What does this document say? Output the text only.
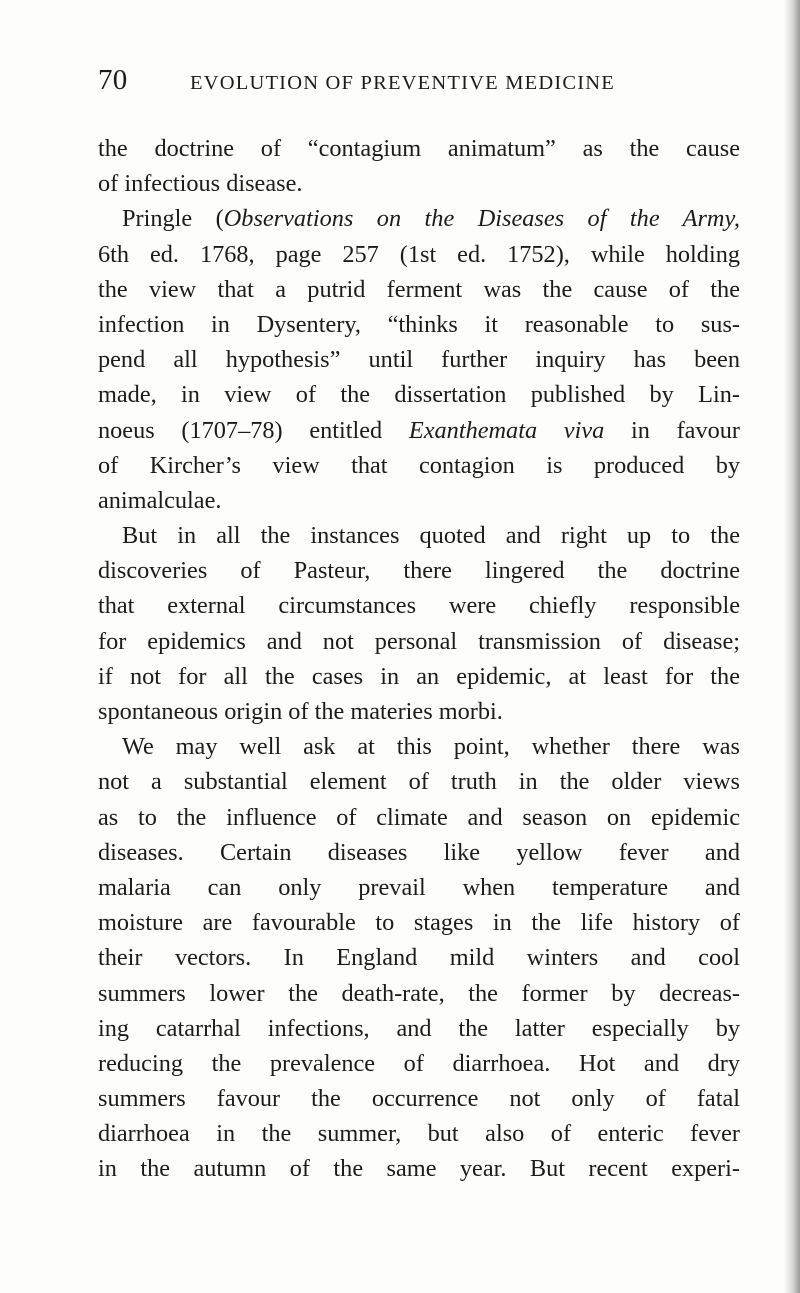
70	EVOLUTION OF PREVENTIVE MEDICINE
the doctrine of “contagium animatum” as the cause
of infectious disease.
Pringle (Observations on the Diseases of the Army,
6th ed. 1768, page 257 (1st ed. 1752), while holding
the view that a putrid ferment was the cause of the
infection in Dysentery, “thinks it reasonable to sus-
pend all hypothesis” until further inquiry has been
made, in view of the dissertation published by Lin-
noeus (1707–78) entitled Exanthemata viva in favour
of Kircher’s view that contagion is produced by
animalculae.
But in all the instances quoted and right up to the
discoveries of Pasteur, there lingered the doctrine
that external circumstances were chiefly responsible
for epidemics and not personal transmission of disease;
if not for all the cases in an epidemic, at least for the
spontaneous origin of the materies morbi.
We may well ask at this point, whether there was
not a substantial element of truth in the older views
as to the influence of climate and season on epidemic
diseases. Certain diseases like yellow fever and
malaria can only prevail when temperature and
moisture are favourable to stages in the life history of
their vectors. In England mild winters and cool
summers lower the death-rate, the former by decreas-
ing catarrhal infections, and the latter especially by
reducing the prevalence of diarrhoea. Hot and dry
summers favour the occurrence not only of fatal
diarrhoea in the summer, but also of enteric fever
in the autumn of the same year. But recent experi-
